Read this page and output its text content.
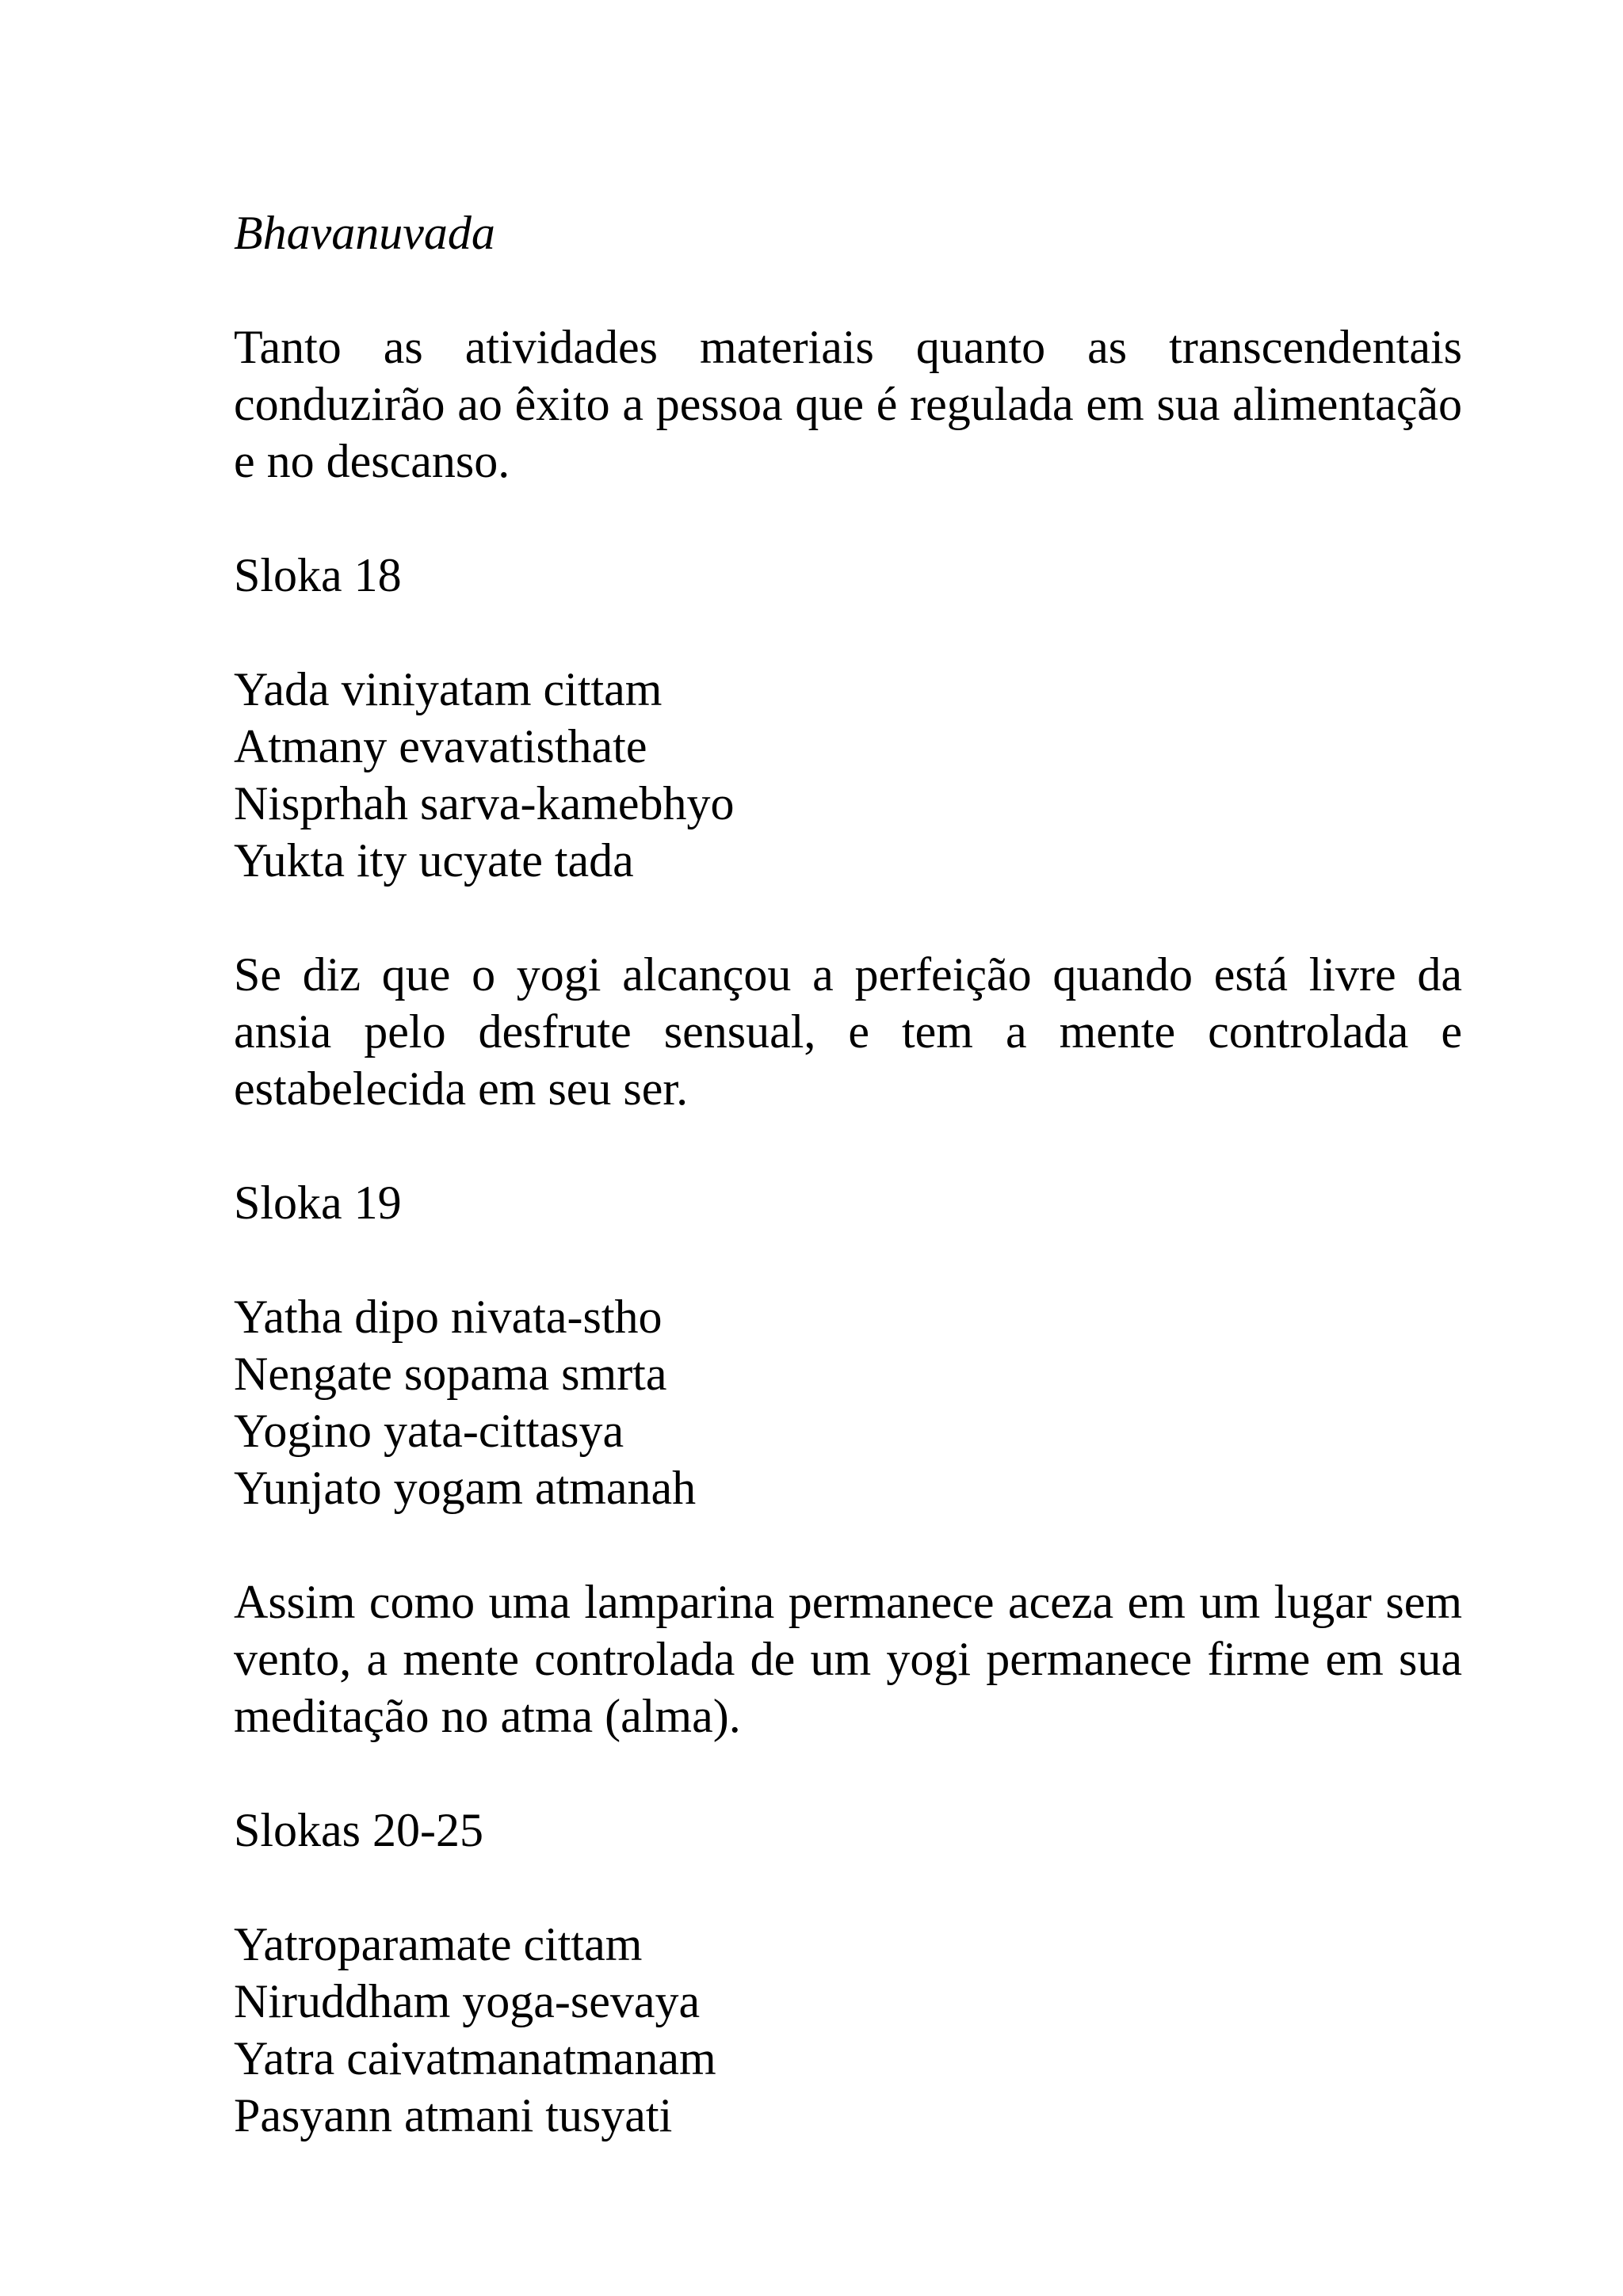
Bhavanuvada

Tanto as atividades materiais quanto as transcendentais conduzirão ao êxito a pessoa que é regulada em sua alimentação e no descanso.

Sloka 18

Yada viniyatam cittam
Atmany evavatisthate
Nisprhah sarva-kamebhyo
Yukta ity ucyate tada

Se diz que o yogi alcançou a perfeição quando está livre da ansia pelo desfrute sensual, e tem a mente controlada e estabelecida em seu ser.

Sloka 19

Yatha dipo nivata-stho
Nengate sopama smrta
Yogino yata-cittasya
Yunjato yogam atmanah

Assim como uma lamparina permanece aceza em um lugar sem vento, a mente controlada de um yogi permanece firme em sua meditação no atma (alma).

Slokas 20-25

Yatroparamate cittam
Niruddham yoga-sevaya
Yatra caivatmanatmanam
Pasyann atmani tusyati
